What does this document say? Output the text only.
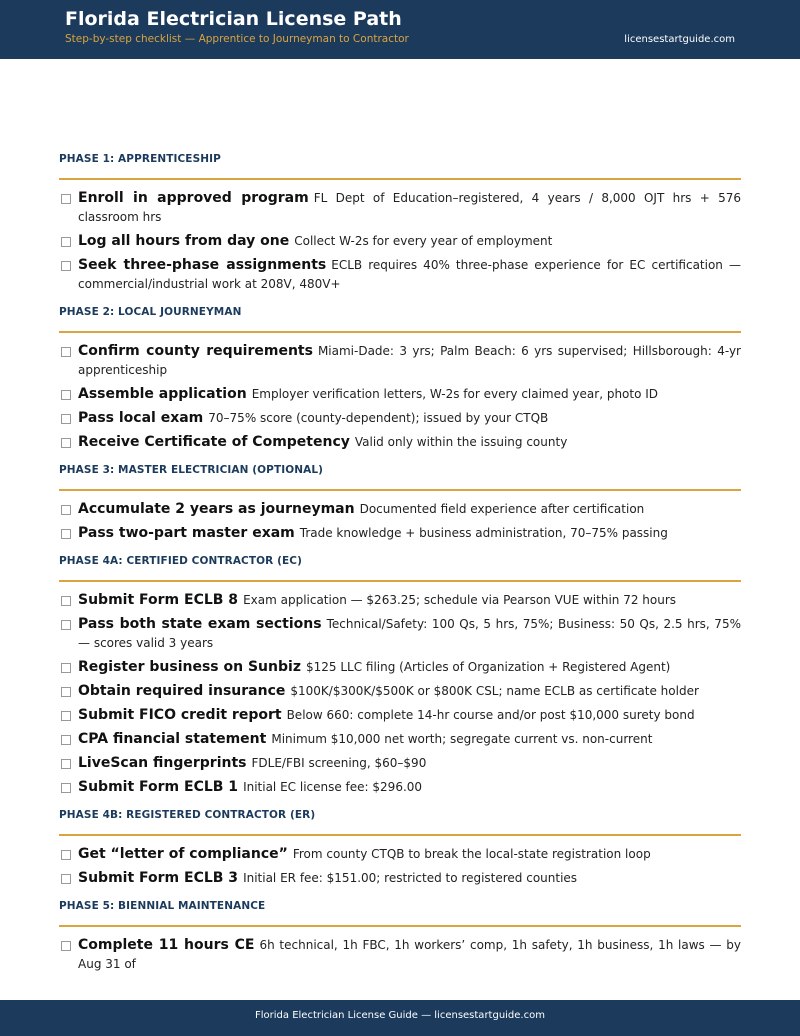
Florida Electrician License Path
Step-by-step checklist — Apprentice to Journeyman to Contractor	licensestartguide.com
PHASE 1: APPRENTICESHIP
Enroll in approved program FL Dept of Education–registered, 4 years / 8,000 OJT hrs + 576 classroom hrs
Log all hours from day one Collect W-2s for every year of employment
Seek three-phase assignments ECLB requires 40% three-phase experience for EC certification — commercial/industrial work at 208V, 480V+
PHASE 2: LOCAL JOURNEYMAN
Confirm county requirements Miami-Dade: 3 yrs; Palm Beach: 6 yrs supervised; Hillsborough: 4-yr apprenticeship
Assemble application Employer verification letters, W-2s for every claimed year, photo ID
Pass local exam 70–75% score (county-dependent); issued by your CTQB
Receive Certificate of Competency Valid only within the issuing county
PHASE 3: MASTER ELECTRICIAN (OPTIONAL)
Accumulate 2 years as journeyman Documented field experience after certification
Pass two-part master exam Trade knowledge + business administration, 70–75% passing
PHASE 4A: CERTIFIED CONTRACTOR (EC)
Submit Form ECLB 8 Exam application — $263.25; schedule via Pearson VUE within 72 hours
Pass both state exam sections Technical/Safety: 100 Qs, 5 hrs, 75%; Business: 50 Qs, 2.5 hrs, 75% — scores valid 3 years
Register business on Sunbiz $125 LLC filing (Articles of Organization + Registered Agent)
Obtain required insurance $100K/$300K/$500K or $800K CSL; name ECLB as certificate holder
Submit FICO credit report Below 660: complete 14-hr course and/or post $10,000 surety bond
CPA financial statement Minimum $10,000 net worth; segregate current vs. non-current
LiveScan fingerprints FDLE/FBI screening, $60–$90
Submit Form ECLB 1 Initial EC license fee: $296.00
PHASE 4B: REGISTERED CONTRACTOR (ER)
Get “letter of compliance” From county CTQB to break the local-state registration loop
Submit Form ECLB 3 Initial ER fee: $151.00; restricted to registered counties
PHASE 5: BIENNIAL MAINTENANCE
Complete 11 hours CE 6h technical, 1h FBC, 1h workers’ comp, 1h safety, 1h business, 1h laws — by Aug 31 of
Florida Electrician License Guide — licensestartguide.com
